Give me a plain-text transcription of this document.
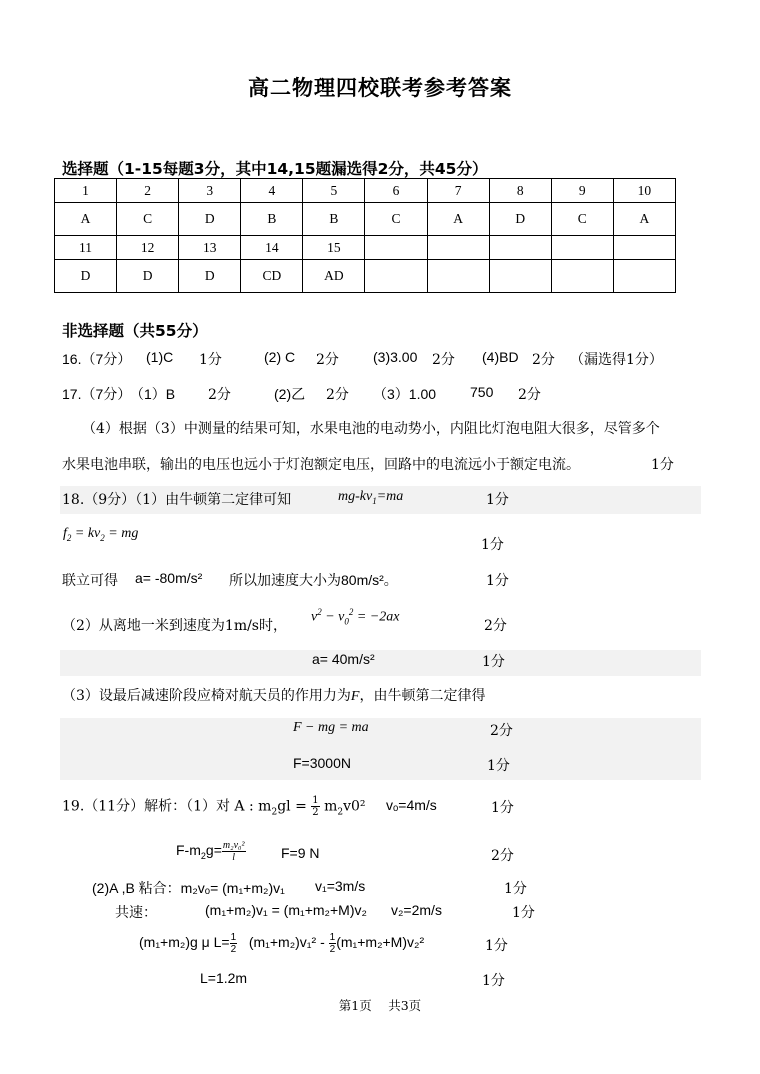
高二物理四校联考参考答案
选择题（1-15每题3分，其中14,15题漏选得2分，共45分）
1	2	3	4	5	6	7	8	9	10
A	C	D	B	B	C	A	D	C	A
11	12	13	14	15					
D	D	D	CD	AD					
非选择题（共55分）
16.（7分） (1)C 1分	(2) C 2分 (3)3.00 2分 (4)BD 2分 （漏选得1分）
17.（7分）
（1）B 2分	(2)乙 2分 （3）1.00 750 2分
（4）根据（3）中测量的结果可知，水果电池的电动势小，内阻比灯泡电阻大很多，尽管多个
水果电池串联，输出的电压也远小于灯泡额定电压，回路中的电流远小于额定电流。	1分
18.（9分）（1）由牛顿第二定律可知	$mg-kv_1=ma$	1分
$f_2 = kv_2$ = mg
1分
联立可得 a= -80m/s² 所以加速度大小为80m/s²。	1分
（2）从离地一米到速度为1m/s时，
$v^2 - v_0^2 = -2ax$
2分
a= 40m/s²	1分
（3）设最后减速阶段应椅对航天员的作用力为F，由牛顿第二定律得
F − mg = ma	2分
F=3000N	1分
19.（11分）解析：（1）对 A : $m_2gl = \frac{1}{2} m_2v0^2$ vₒ=4m/s	1分
$F-m_2g= \frac{\text{m₂v₀²}}{l}$	F=9 N	2分
(2)A ,B 粘合：m₂vₒ= (m₁+m₂)v₁ v₁=3m/s	1分
共速：	(m₁+m₂)v₁ = (m₁+m₂+M)v₂ v₂=2m/s	1分
(m₁+m₂)g μ $L= \frac{1}{2} (m_1+m_2)v_1^2 - \frac{1}{2} (m_1+m_2+M)v_2^2$	1分
L=1.2m	1分
第1页　 共3页
